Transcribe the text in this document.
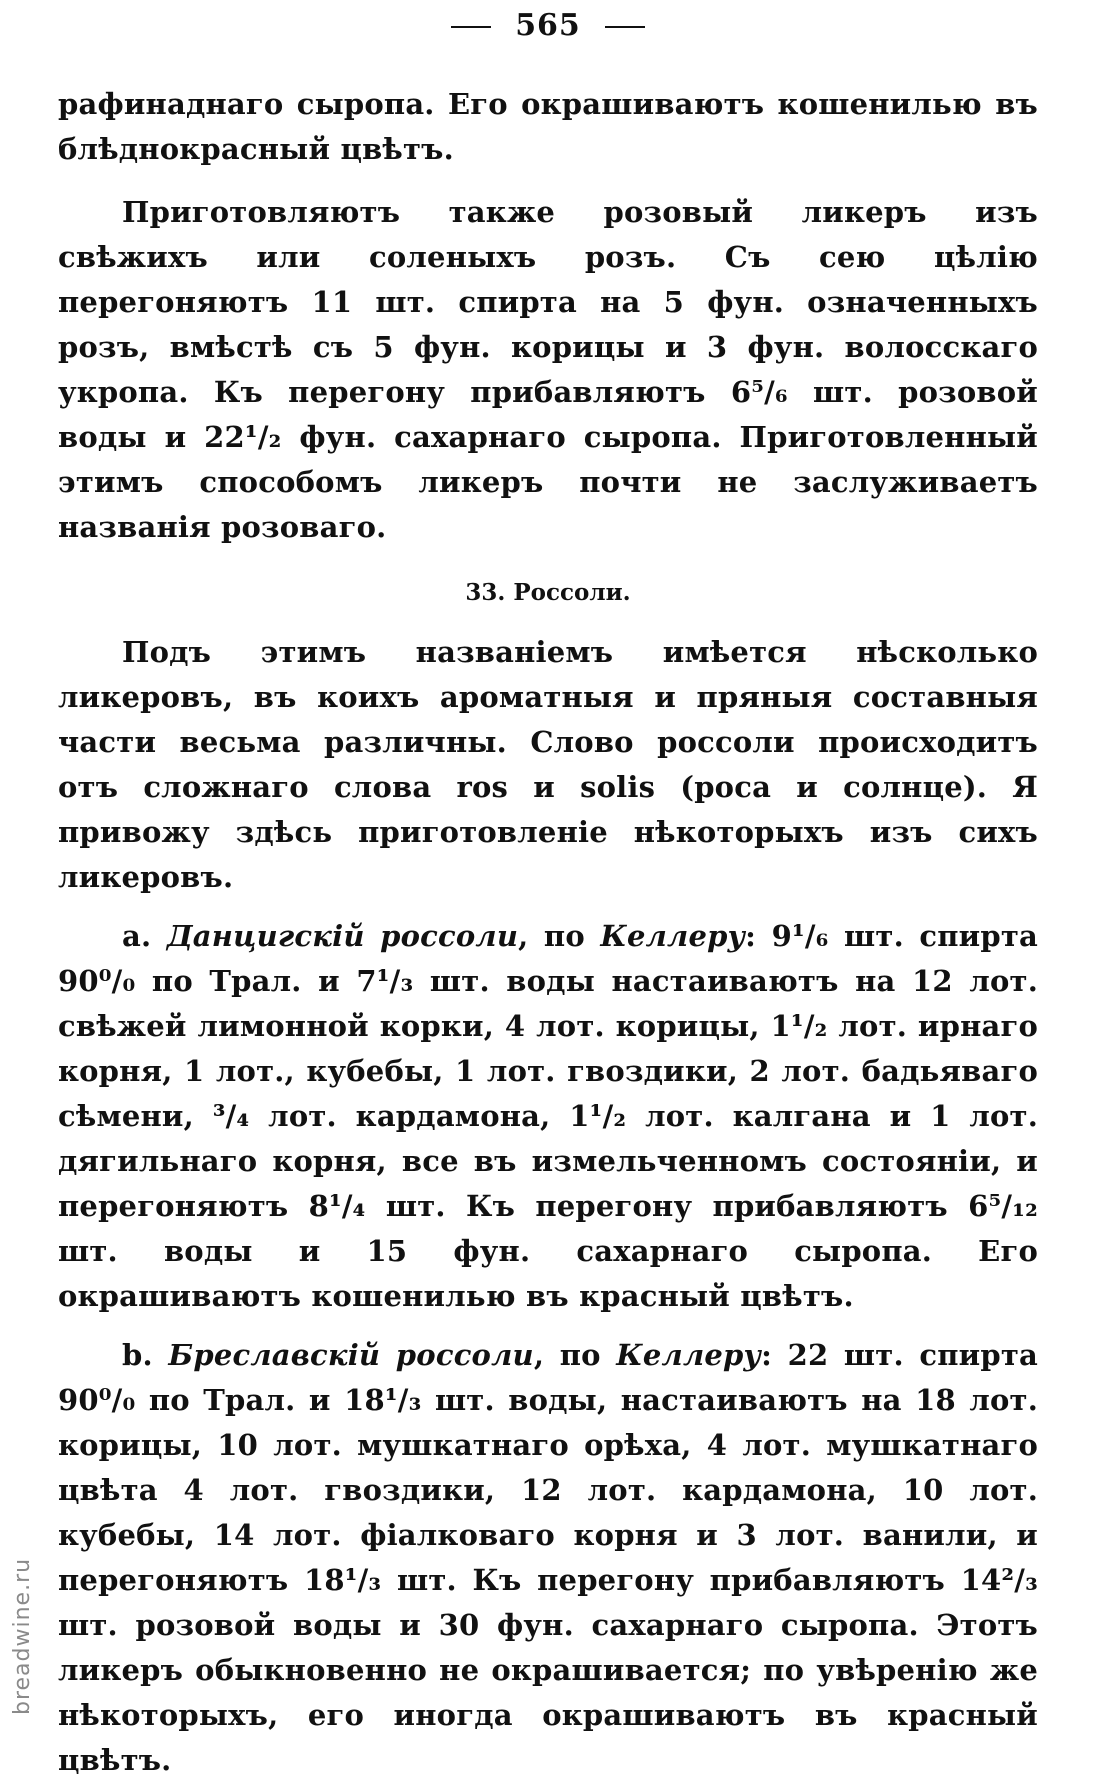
565

рафинаднаго сыропа. Его окрашиваютъ кошенилью въ блѣднокрасный цвѣтъ.

Приготовляютъ также розовый ликеръ изъ свѣжихъ или соленыхъ розъ. Съ сею цѣлію перегоняютъ 11 шт. спирта на 5 фун. означенныхъ розъ, вмѣстѣ съ 5 фун. корицы и 3 фун. волосскаго укропа. Къ перегону прибавляютъ 6⁵/₆ шт. розовой воды и 22¹/₂ фун. сахарнаго сыропа. Приготовленный этимъ способомъ ликеръ почти не заслуживаетъ названія розоваго.

33. Россоли.

Подъ этимъ названіемъ имѣется нѣсколько ликеровъ, въ коихъ ароматныя и пряныя составныя части весьма различны. Слово россоли происходитъ отъ сложнаго слова ros и solis (роса и солнце). Я привожу здѣсь приготовленіе нѣкоторыхъ изъ сихъ ликеровъ.

a. Данцигскій россоли, по Келлеру: 9¹/₆ шт. спирта 90⁰/₀ по Трал. и 7¹/₃ шт. воды настаиваютъ на 12 лот. свѣжей лимонной корки, 4 лот. корицы, 1¹/₂ лот. ирнаго корня, 1 лот., кубебы, 1 лот. гвоздики, 2 лот. бадьяваго сѣмени, ³/₄ лот. кардамона, 1¹/₂ лот. калгана и 1 лот. дягильнаго корня, все въ измельченномъ состояніи, и перегоняютъ 8¹/₄ шт. Къ перегону прибавляютъ 6⁵/₁₂ шт. воды и 15 фун. сахарнаго сыропа. Его окрашиваютъ кошенилью въ красный цвѣтъ.

b. Бреславскій россоли, по Келлеру: 22 шт. спирта 90⁰/₀ по Трал. и 18¹/₃ шт. воды, настаиваютъ на 18 лот. корицы, 10 лот. мушкатнаго орѣха, 4 лот. мушкатнаго цвѣта 4 лот. гвоздики, 12 лот. кардамона, 10 лот. кубебы, 14 лот. фіалковаго корня и 3 лот. ванили, и перегоняютъ 18¹/₃ шт. Къ перегону прибавляютъ 14²/₃ шт. розовой воды и 30 фун. сахарнаго сыропа. Этотъ ликеръ обыкновенно не окрашивается; по увѣренію же нѣкоторыхъ, его иногда окрашиваютъ въ красный цвѣтъ.

breadwine.ru
